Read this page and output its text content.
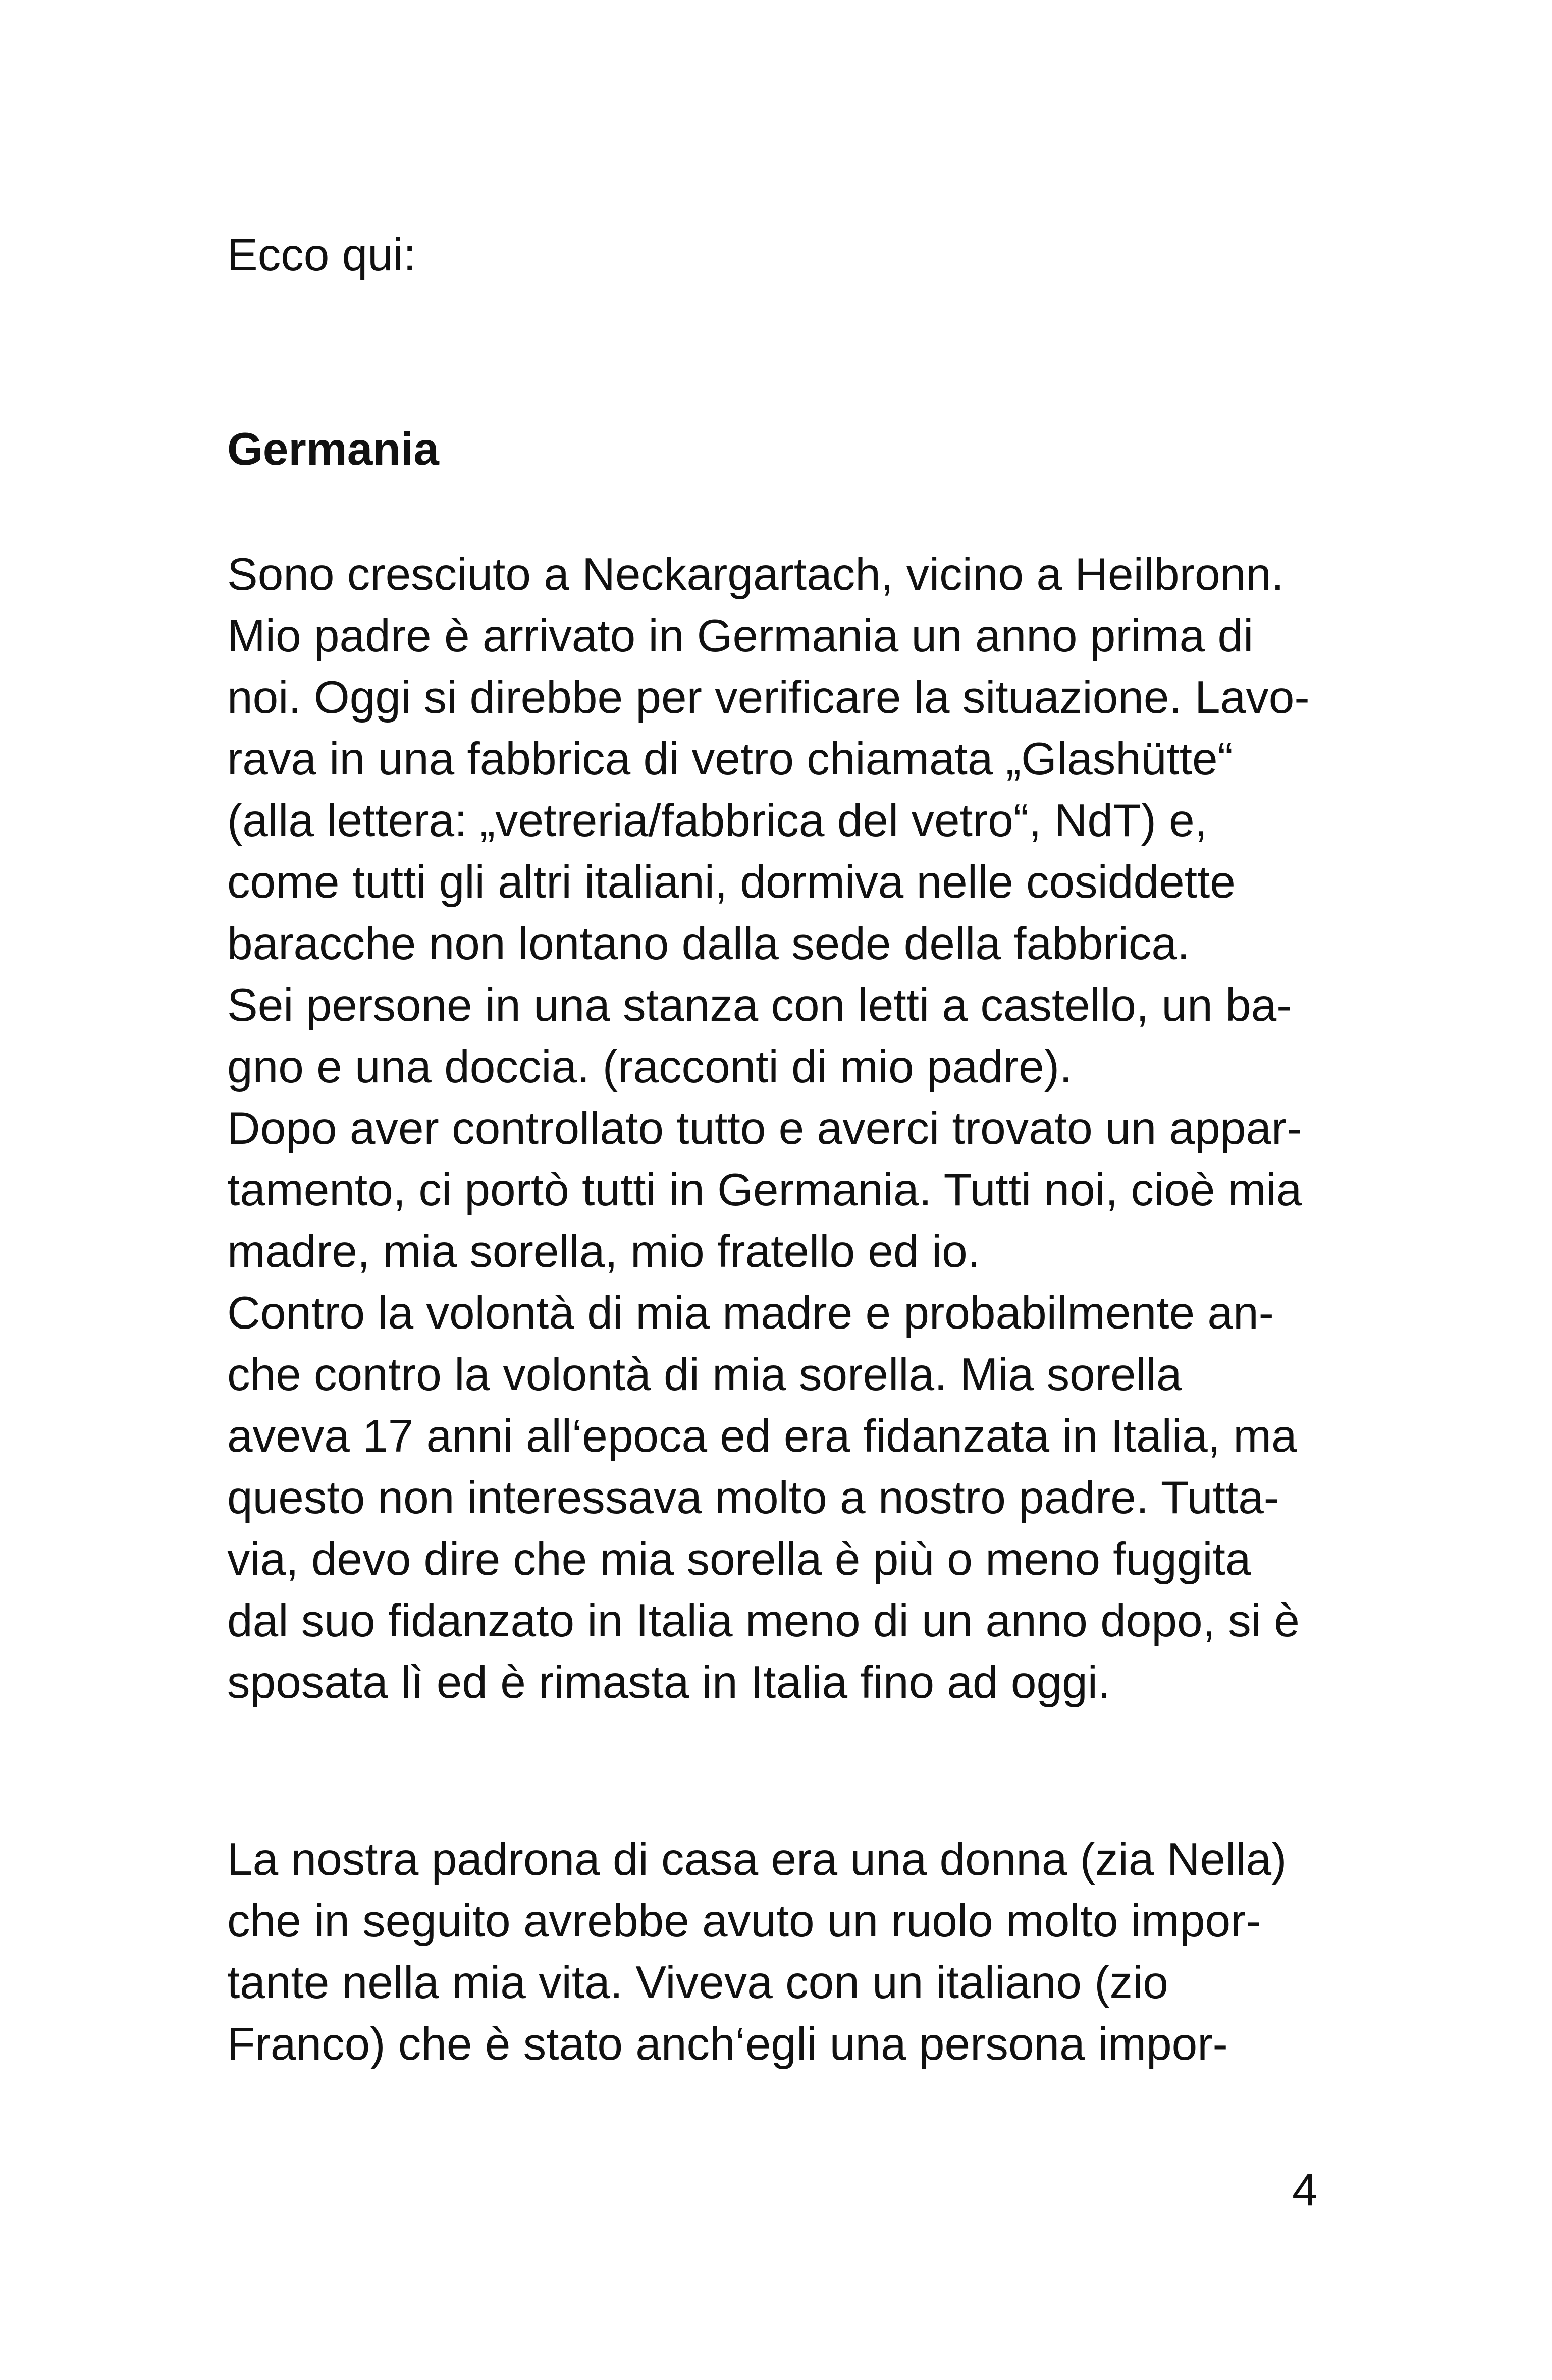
Ecco qui:

Germania

Sono cresciuto a Neckargartach, vicino a Heilbronn.

Mio padre è arrivato in Germania un anno prima di

noi. Oggi si direbbe per verificare la situazione. Lavo-

rava in una fabbrica di vetro chiamata „Glashütte“

(alla lettera: „vetreria/fabbrica del vetro“, NdT) e,

come tutti gli altri italiani, dormiva nelle cosiddette

baracche non lontano dalla sede della fabbrica.

Sei persone in una stanza con letti a castello, un ba-

gno e una doccia. (racconti di mio padre).

Dopo aver controllato tutto e averci trovato un appar-

tamento, ci portò tutti in Germania. Tutti noi, cioè mia

madre, mia sorella, mio fratello ed io.

Contro la volontà di mia madre e probabilmente an-

che contro la volontà di mia sorella. Mia sorella

aveva 17 anni all‘epoca ed era fidanzata in Italia, ma

questo non interessava molto a nostro padre. Tutta-

via, devo dire che mia sorella è più o meno fuggita

dal suo fidanzato in Italia meno di un anno dopo, si è

sposata lì ed è rimasta in Italia fino ad oggi.

La nostra padrona di casa era una donna (zia Nella)

che in seguito avrebbe avuto un ruolo molto impor-

tante nella mia vita. Viveva con un italiano (zio

Franco) che è stato anch‘egli una persona impor-

4
